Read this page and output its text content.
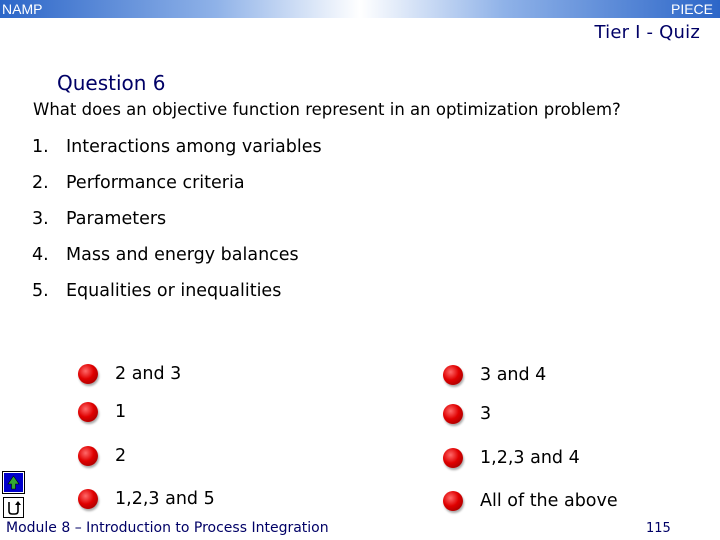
NAMP	PIECE
Tier I - Quiz
Question 6
What does an objective function represent in an optimization problem?
1. Interactions among variables
2. Performance criteria
3. Parameters
4. Mass and energy balances
5. Equalities or inequalities
2 and 3
1
2
1,2,3 and 5
3 and 4
3
1,2,3 and 4
All of the above
Module 8 – Introduction to Process Integration	115
